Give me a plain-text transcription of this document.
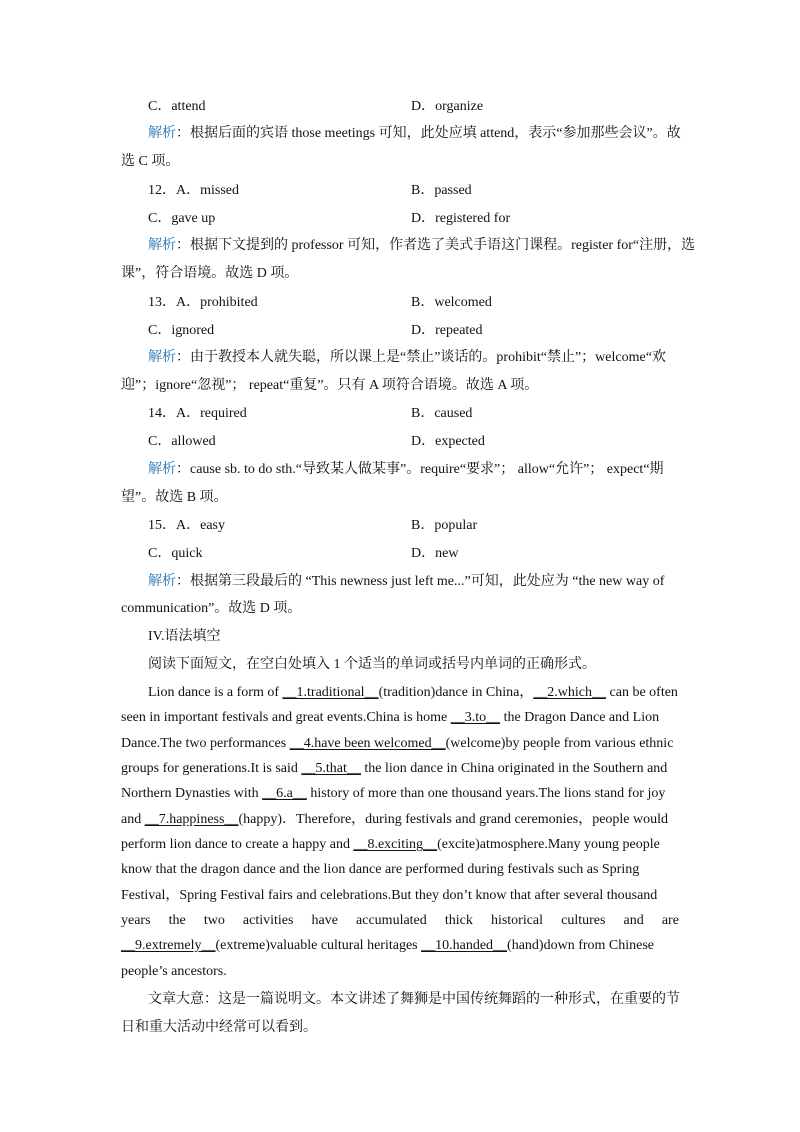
C．attend	D．organize
解析：根据后面的宾语 those meetings 可知，此处应填 attend，表示“参加那些会议”。故
选 C 项。
12．A．missed	B．passed
C．gave up	D．registered for
解析：根据下文提到的 professor 可知，作者选了美式手语这门课程。register for“注册，选
课”，符合语境。故选 D 项。
13．A．prohibited	B．welcomed
C．ignored	D．repeated
解析：由于教授本人就失聪，所以课上是“禁止”谈话的。prohibit“禁止”；welcome“欢
迎”；ignore“忽视”； repeat“重复”。只有 A 项符合语境。故选 A 项。
14．A．required	B．caused
C．allowed	D．expected
解析：cause sb. to do sth.“导致某人做某事”。require“要求”； allow“允许”； expect“期
望”。故选 B 项。
15．A．easy	B．popular
C．quick	D．new
解析：根据第三段最后的 “This newness just left me...”可知，此处应为 “the new way of
communication”。故选 D 项。
IV.语法填空
阅读下面短文，在空白处填入 1 个适当的单词或括号内单词的正确形式。
Lion dance is a form of __1.traditional__(tradition)dance in China，__2.which__ can be often
seen in important festivals and great events.China is home __3.to__ the Dragon Dance and Lion
Dance.The two performances __4.have been welcomed__(welcome)by people from various ethnic
groups for generations.It is said __5.that__ the lion dance in China originated in the Southern and
Northern Dynasties with __6.a__ history of more than one thousand years.The lions stand for joy
and __7.happiness__(happy)．Therefore，during festivals and grand ceremonies，people would
perform lion dance to create a happy and __8.exciting__(excite)atmosphere.Many young people
know that the dragon dance and the lion dance are performed during festivals such as Spring
Festival，Spring Festival fairs and celebrations.But they don’t know that after several thousand
years the two activities have accumulated thick historical cultures and are
__9.extremely__(extreme)valuable cultural heritages __10.handed__(hand)down from Chinese
people’s ancestors.
文章大意：这是一篇说明文。本文讲述了舞狮是中国传统舞蹈的一种形式，在重要的节
日和重大活动中经常可以看到。
